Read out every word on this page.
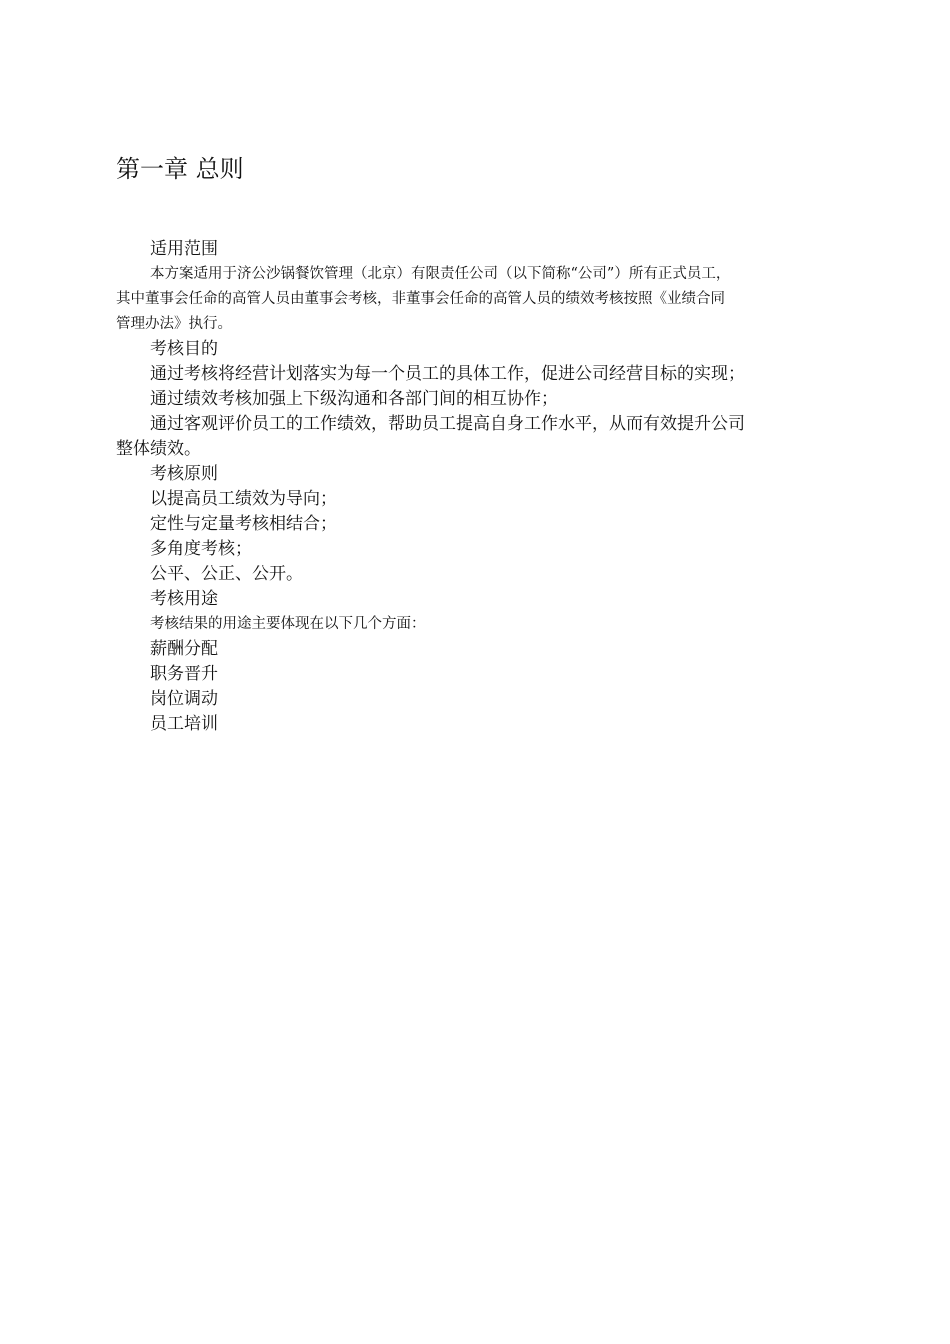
第一章 总则

适用范围

本方案适用于济公沙锅餐饮管理（北京）有限责任公司（以下简称“公司”）所有正式员工，

其中董事会任命的高管人员由董事会考核，非董事会任命的高管人员的绩效考核按照《业绩合同

管理办法》执行。

考核目的

通过考核将经营计划落实为每一个员工的具体工作，促进公司经营目标的实现；

通过绩效考核加强上下级沟通和各部门间的相互协作；

通过客观评价员工的工作绩效，帮助员工提高自身工作水平，从而有效提升公司

整体绩效。

考核原则

以提高员工绩效为导向；

定性与定量考核相结合；

多角度考核；

公平、公正、公开。

考核用途

考核结果的用途主要体现在以下几个方面：

薪酬分配

职务晋升

岗位调动

员工培训
